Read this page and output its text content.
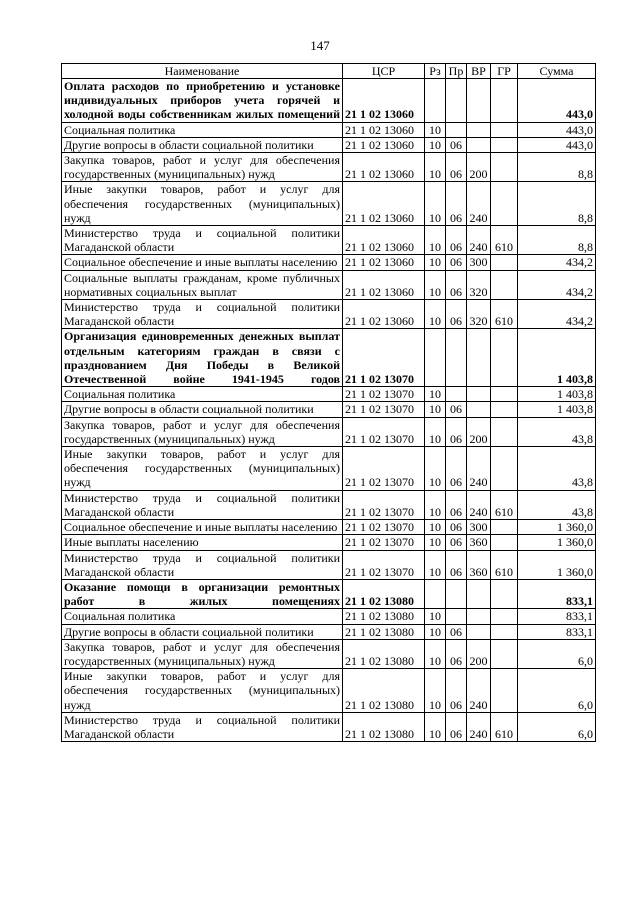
147
Наименование	ЦСР	Рз	Пр	ВР	ГР	Сумма
Оплата расходов по приобретению и установке индивидуальных приборов учета горячей и холодной воды собственникам жилых помещений	21 1 02 13060					443,0
Социальная политика	21 1 02 13060	10				443,0
Другие вопросы в области социальной политики	21 1 02 13060	10	06			443,0
Закупка товаров, работ и услуг для обеспечения государственных (муниципальных) нужд	21 1 02 13060	10	06	200		8,8
Иные закупки товаров, работ и услуг для обеспечения государственных (муниципальных) нужд	21 1 02 13060	10	06	240		8,8
Министерство труда и социальной политики Магаданской области	21 1 02 13060	10	06	240	610	8,8
Социальное обеспечение и иные выплаты населению	21 1 02 13060	10	06	300		434,2
Социальные выплаты гражданам, кроме публичных нормативных социальных выплат	21 1 02 13060	10	06	320		434,2
Министерство труда и социальной политики Магаданской области	21 1 02 13060	10	06	320	610	434,2
Организация единовременных денежных выплат отдельным категориям граждан в связи с празднованием Дня Победы в Великой Отечественной войне 1941-1945 годов	21 1 02 13070					1 403,8
Социальная политика	21 1 02 13070	10				1 403,8
Другие вопросы в области социальной политики	21 1 02 13070	10	06			1 403,8
Закупка товаров, работ и услуг для обеспечения государственных (муниципальных) нужд	21 1 02 13070	10	06	200		43,8
Иные закупки товаров, работ и услуг для обеспечения государственных (муниципальных) нужд	21 1 02 13070	10	06	240		43,8
Министерство труда и социальной политики Магаданской области	21 1 02 13070	10	06	240	610	43,8
Социальное обеспечение и иные выплаты населению	21 1 02 13070	10	06	300		1 360,0
Иные выплаты населению	21 1 02 13070	10	06	360		1 360,0
Министерство труда и социальной политики Магаданской области	21 1 02 13070	10	06	360	610	1 360,0
Оказание помощи в организации ремонтных работ в жилых помещениях	21 1 02 13080					833,1
Социальная политика	21 1 02 13080	10				833,1
Другие вопросы в области социальной политики	21 1 02 13080	10	06			833,1
Закупка товаров, работ и услуг для обеспечения государственных (муниципальных) нужд	21 1 02 13080	10	06	200		6,0
Иные закупки товаров, работ и услуг для обеспечения государственных (муниципальных) нужд	21 1 02 13080	10	06	240		6,0
Министерство труда и социальной политики Магаданской области	21 1 02 13080	10	06	240	610	6,0
